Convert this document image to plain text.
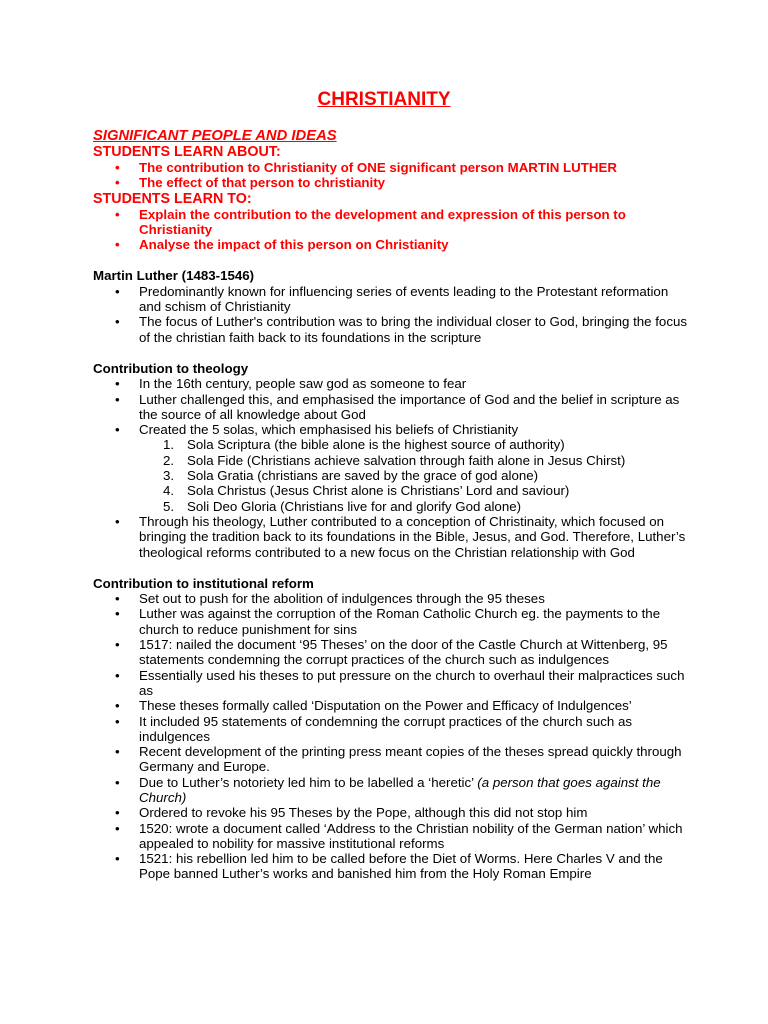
CHRISTIANITY
SIGNIFICANT PEOPLE AND IDEAS
STUDENTS LEARN ABOUT:
• The contribution to Christianity of ONE significant person MARTIN LUTHER
• The effect of that person to christianity
STUDENTS LEARN TO:
• Explain the contribution to the development and expression of this person to Christianity
• Analyse the impact of this person on Christianity
Martin Luther (1483-1546)
• Predominantly known for influencing series of events leading to the Protestant reformation and schism of Christianity
• The focus of Luther's contribution was to bring the individual closer to God, bringing the focus of the christian faith back to its foundations in the scripture
Contribution to theology
• In the 16th century, people saw god as someone to fear
• Luther challenged this, and emphasised the importance of God and the belief in scripture as the source of all knowledge about God
• Created the 5 solas, which emphasised his beliefs of Christianity
1. Sola Scriptura (the bible alone is the highest source of authority)
2. Sola Fide (Christians achieve salvation through faith alone in Jesus Chirst)
3. Sola Gratia (christians are saved by the grace of god alone)
4. Sola Christus (Jesus Christ alone is Christians’ Lord and saviour)
5. Soli Deo Gloria (Christians live for and glorify God alone)
• Through his theology, Luther contributed to a conception of Christinaity, which focused on bringing the tradition back to its foundations in the Bible, Jesus, and God. Therefore, Luther’s theological reforms contributed to a new focus on the Christian relationship with God
Contribution to institutional reform
• Set out to push for the abolition of indulgences through the 95 theses
• Luther was against the corruption of the Roman Catholic Church eg. the payments to the church to reduce punishment for sins
• 1517: nailed the document ‘95 Theses’ on the door of the Castle Church at Wittenberg, 95 statements condemning the corrupt practices of the church such as indulgences
• Essentially used his theses to put pressure on the church to overhaul their malpractices such as
• These theses formally called ‘Disputation on the Power and Efficacy of Indulgences’
• It included 95 statements of condemning the corrupt practices of the church such as indulgences
• Recent development of the printing press meant copies of the theses spread quickly through Germany and Europe.
• Due to Luther’s notoriety led him to be labelled a ‘heretic’ (a person that goes against the Church)
• Ordered to revoke his 95 Theses by the Pope, although this did not stop him
• 1520: wrote a document called ‘Address to the Christian nobility of the German nation’ which appealed to nobility for massive institutional reforms
• 1521: his rebellion led him to be called before the Diet of Worms. Here Charles V and the Pope banned Luther’s works and banished him from the Holy Roman Empire
